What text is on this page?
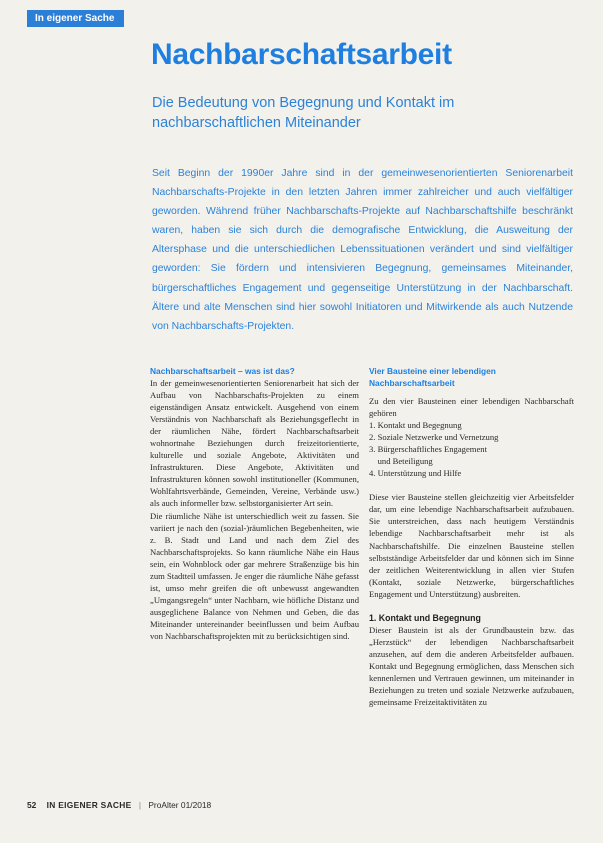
In eigener Sache
Nachbarschaftsarbeit

Die Bedeutung von Begegnung und Kontakt im nachbarschaftlichen Miteinander

Seit Beginn der 1990er Jahre sind in der gemeinwesenorientierten Seniorenarbeit Nachbarschafts-Projekte in den letzten Jahren immer zahlreicher und auch vielfältiger geworden. Während früher Nachbarschafts-Projekte auf Nachbarschaftshilfe beschränkt waren, haben sie sich durch die demografische Entwicklung, die Ausweitung der Altersphase und die unterschiedlichen Lebenssituationen verändert und sind vielfältiger geworden: Sie fördern und intensivieren Begegnung, gemeinsames Miteinander, bürgerschaftliches Engagement und gegenseitige Unterstützung in der Nachbarschaft. Ältere und alte Menschen sind hier sowohl Initiatoren und Mitwirkende als auch Nutzende von Nachbarschafts-Projekten.

Nachbarschaftsarbeit – was ist das?

In der gemeinwesenorientierten Seniorenarbeit hat sich der Aufbau von Nachbarschafts-Projekten zu einem eigenständigen Ansatz entwickelt. Ausgehend von einem Verständnis von Nachbarschaft als Beziehungsgeflecht in der räumlichen Nähe, fördert Nachbarschaftsarbeit wohnortnahe Beziehungen durch freizeitorientierte, kulturelle und soziale Angebote, Aktivitäten und Infrastrukturen. Diese Angebote, Aktivitäten und Infrastrukturen können sowohl institutioneller (Kommunen, Wohlfahrtsverbände, Gemeinden, Vereine, Verbände usw.) als auch informeller bzw. selbstorganisierter Art sein.

Die räumliche Nähe ist unterschiedlich weit zu fassen. Sie variiert je nach den (sozial-)räumlichen Begebenheiten, wie z. B. Stadt und Land und nach dem Ziel des Nachbarschaftsprojekts. So kann räumliche Nähe ein Haus sein, ein Wohnblock oder gar mehrere Straßenzüge bis hin zum Stadtteil umfassen. Je enger die räumliche Nähe gefasst ist, umso mehr greifen die oft unbewusst angewandten „Umgangsregeln“ unter Nachbarn, wie höfliche Distanz und ausgeglichene Balance von Nehmen und Geben, die das Miteinander untereinander beeinflussen und beim Aufbau von Nachbarschaftsprojekten mit zu berücksichtigen sind.

Vier Bausteine einer lebendigen Nachbarschaftsarbeit

Zu den vier Bausteinen einer lebendigen Nachbarschaft gehören

1. Kontakt und Begegnung
2. Soziale Netzwerke und Vernetzung
3. Bürgerschaftliches Engagement
und Beteiligung
4. Unterstützung und Hilfe

Diese vier Bausteine stellen gleichzeitig vier Arbeitsfelder dar, um eine lebendige Nachbarschaftsarbeit aufzubauen. Sie unterstreichen, dass nach heutigem Verständnis lebendige Nachbarschaftsarbeit mehr ist als Nachbarschaftshilfe. Die einzelnen Bausteine stellen selbstständige Arbeitsfelder dar und können sich im Sinne der zeitlichen Weiterentwicklung in allen vier Stufen (Kontakt, soziale Netzwerke, bürgerschaftliches Engagement und Unterstützung) ausbreiten.

1. Kontakt und Begegnung

Dieser Baustein ist als der Grundbaustein bzw. das „Herzstück“ der lebendigen Nachbarschaftsarbeit anzusehen, auf dem die anderen Arbeitsfelder aufbauen. Kontakt und Begegnung ermöglichen, dass Menschen sich kennenlernen und Vertrauen gewinnen, um miteinander in Beziehungen zu treten und soziale Netzwerke aufzubauen, gemeinsame Freizeitaktivitäten zu

52 IN EIGENER SACHE | ProAlter 01/2018
